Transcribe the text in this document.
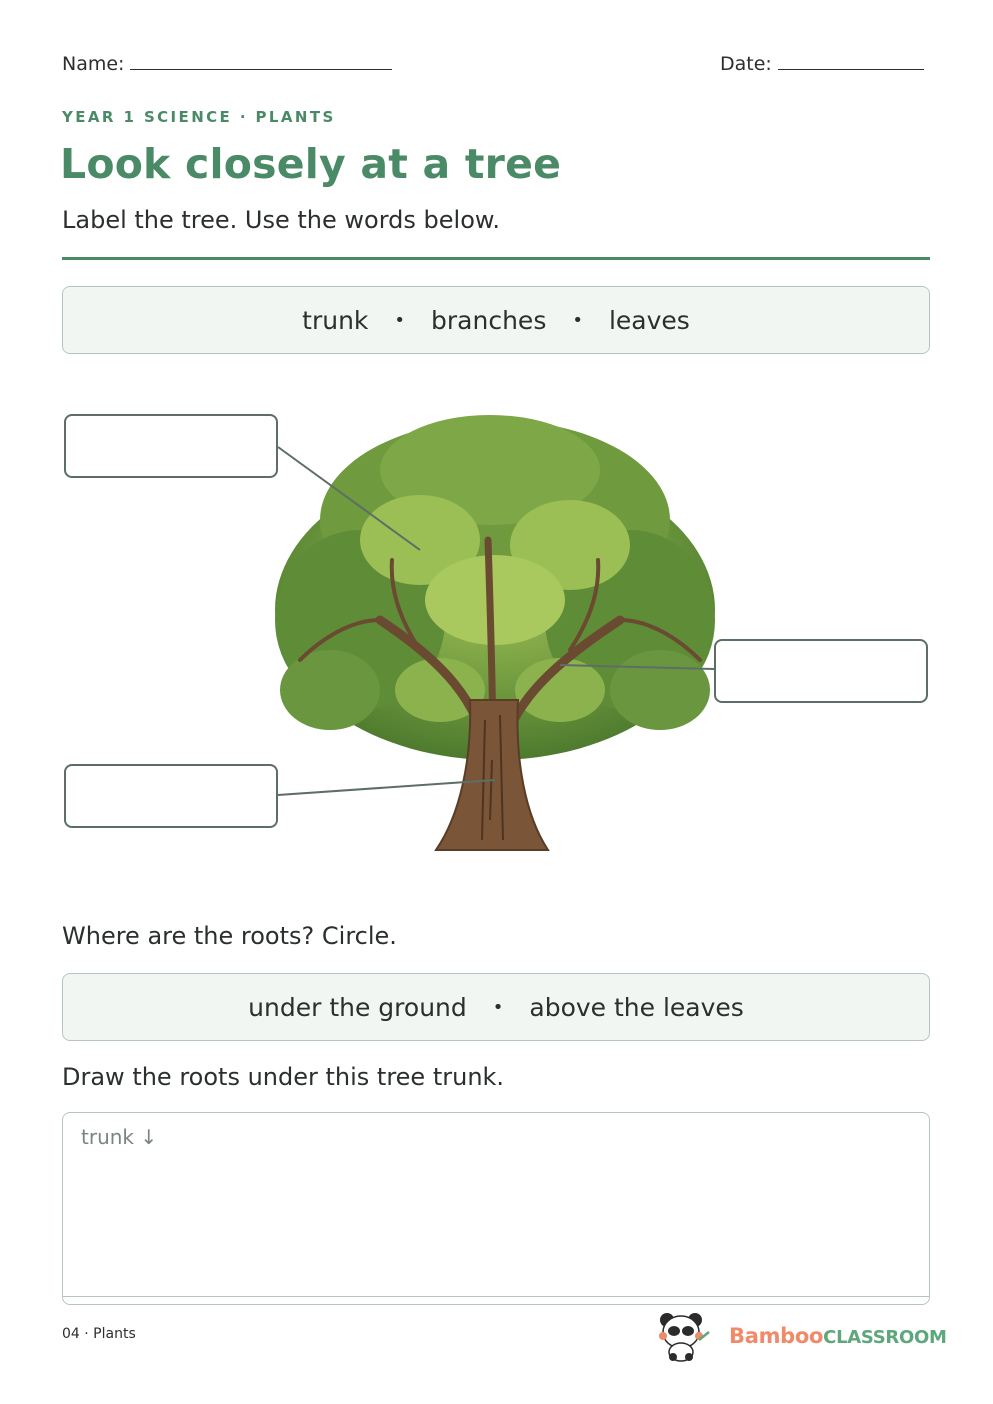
Name:	Date:
YEAR 1 SCIENCE · PLANTS
Look closely at a tree
Label the tree. Use the words below.
trunk • branches • leaves
Where are the roots? Circle.
under the ground • above the leaves
Draw the roots under this tree trunk.
trunk ↓
04 · Plants	BambooCLASSROOM
